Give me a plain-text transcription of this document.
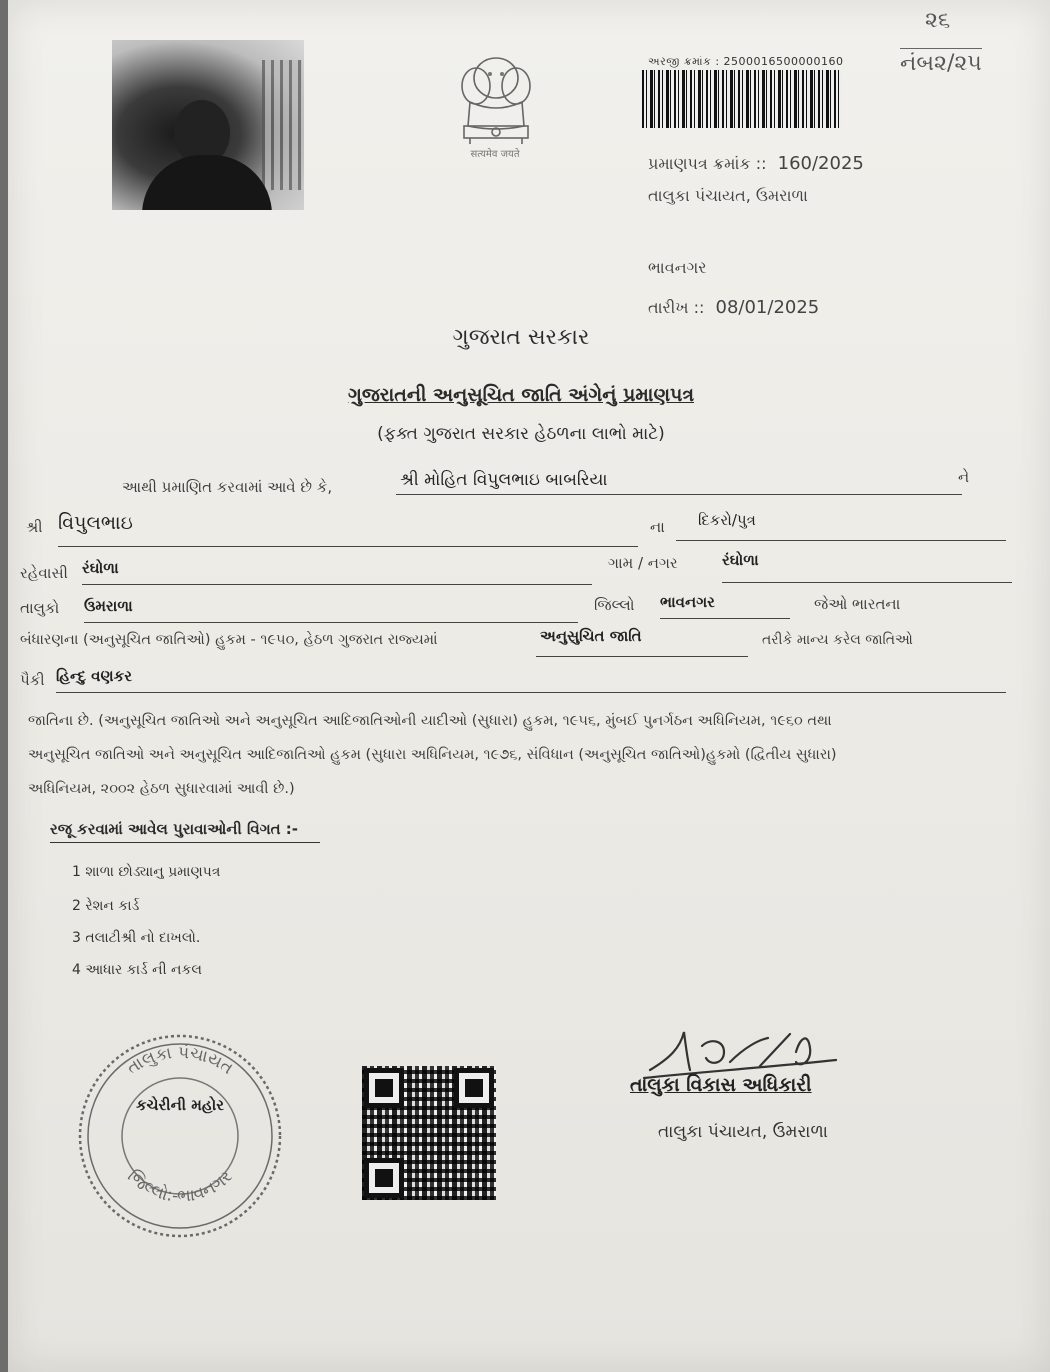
૨૬
નંબ૨/૨૫
सत्यमेव जयते
અરજી ક્રમાંક : 2500016500000160
પ્રમાણપત્ર ક્રમાંક :: 160/2025
તાલુકા પંચાયત, ઉમરાળા
ભાવનગર
તારીખ :: 08/01/2025
ગુજરાત સરકાર
ગુજરાતની અનુસૂચિત જાતિ અંગેનું પ્રમાણપત્ર
(ફક્ત ગુજરાત સરકાર હેઠળના લાભો માટે)
આથી પ્રમાણિત કરવામાં આવે છે કે,	શ્રી મોહિત વિપુલભાઇ બાબરિયા	ને
શ્રી વિપુલભાઇ	ના	દિકરો/પુત્ર
રહેવાસી રંઘોળા	ગામ / નગર	રંઘોળા
તાલુકો ઉમરાળા	જિલ્લો ભાવનગર	જેઓ ભારતના
બંધારણના (અનુસૂચિત જાતિઓ) હુકમ - ૧૯૫૦, હેઠળ ગુજરાત રાજ્યમાં	અનુસુચિત જાતિ	તરીકે માન્ય કરેલ જાતિઓ
પૈકી હિન્દુ વણકર
જાતિના છે. (અનુસૂચિત જાતિઓ અને અનુસૂચિત આદિજાતિઓની યાદીઓ (સુધારા) હુકમ, ૧૯૫૬, મુંબઈ પુનર્ગઠન અધિનિયમ, ૧૯૬૦ તથા
અનુસૂચિત જાતિઓ અને અનુસૂચિત આદિજાતિઓ હુકમ (સુધારા અધિનિયમ, ૧૯૭૬, સંવિધાન (અનુસૂચિત જાતિઓ)હુકમો (દ્વિતીય સુધારા)
અધિનિયમ, ૨૦૦૨ હેઠળ સુધારવામાં આવી છે.)
રજૂ કરવામાં આવેલ પુરાવાઓની વિગત :-
1 શાળા છોડ્યાનુ પ્રમાણપત્ર
2 રેશન કાર્ડ
3 તલાટીશ્રી નો દાખલો.
4 આધાર કાર્ડ ની નકલ
તાલુકા પંચાયત
જિલ્લો:-ભાવનગર
કચેરીની મહોર
તાલુકા વિકાસ અધિકારી
તાલુકા પંચાયત, ઉમરાળા
